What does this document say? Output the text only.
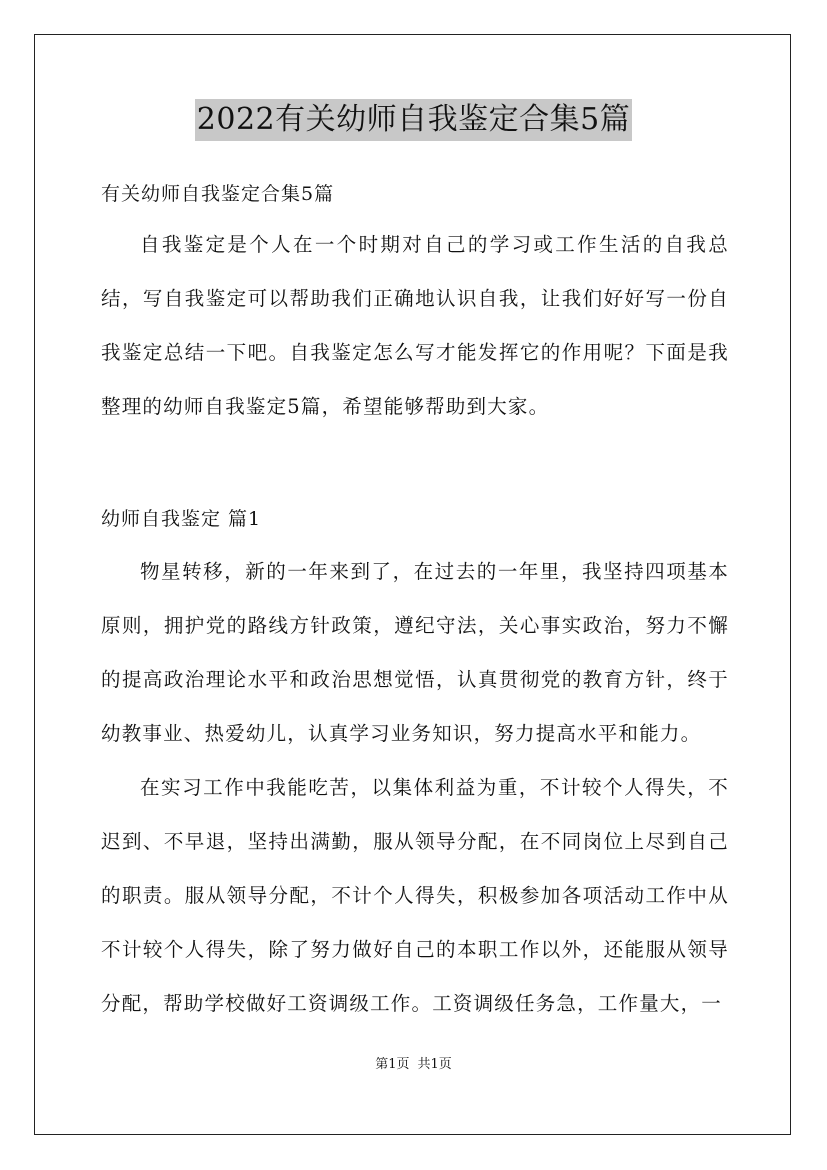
2022有关幼师自我鉴定合集5篇
有关幼师自我鉴定合集5篇

自我鉴定是个人在一个时期对自己的学习或工作生活的自我总结，写自我鉴定可以帮助我们正确地认识自我，让我们好好写一份自我鉴定总结一下吧。自我鉴定怎么写才能发挥它的作用呢？下面是我整理的幼师自我鉴定5篇，希望能够帮助到大家。

幼师自我鉴定 篇1

物星转移，新的一年来到了，在过去的一年里，我坚持四项基本原则，拥护党的路线方针政策，遵纪守法，关心事实政治，努力不懈的提高政治理论水平和政治思想觉悟，认真贯彻党的教育方针，终于幼教事业、热爱幼儿，认真学习业务知识，努力提高水平和能力。

在实习工作中我能吃苦，以集体利益为重，不计较个人得失，不迟到、不早退，坚持出满勤，服从领导分配，在不同岗位上尽到自己的职责。服从领导分配，不计个人得失，积极参加各项活动工作中从不计较个人得失，除了努力做好自己的本职工作以外，还能服从领导分配，帮助学校做好工资调级工作。工资调级任务急，工作量大，一

第1页 共1页
